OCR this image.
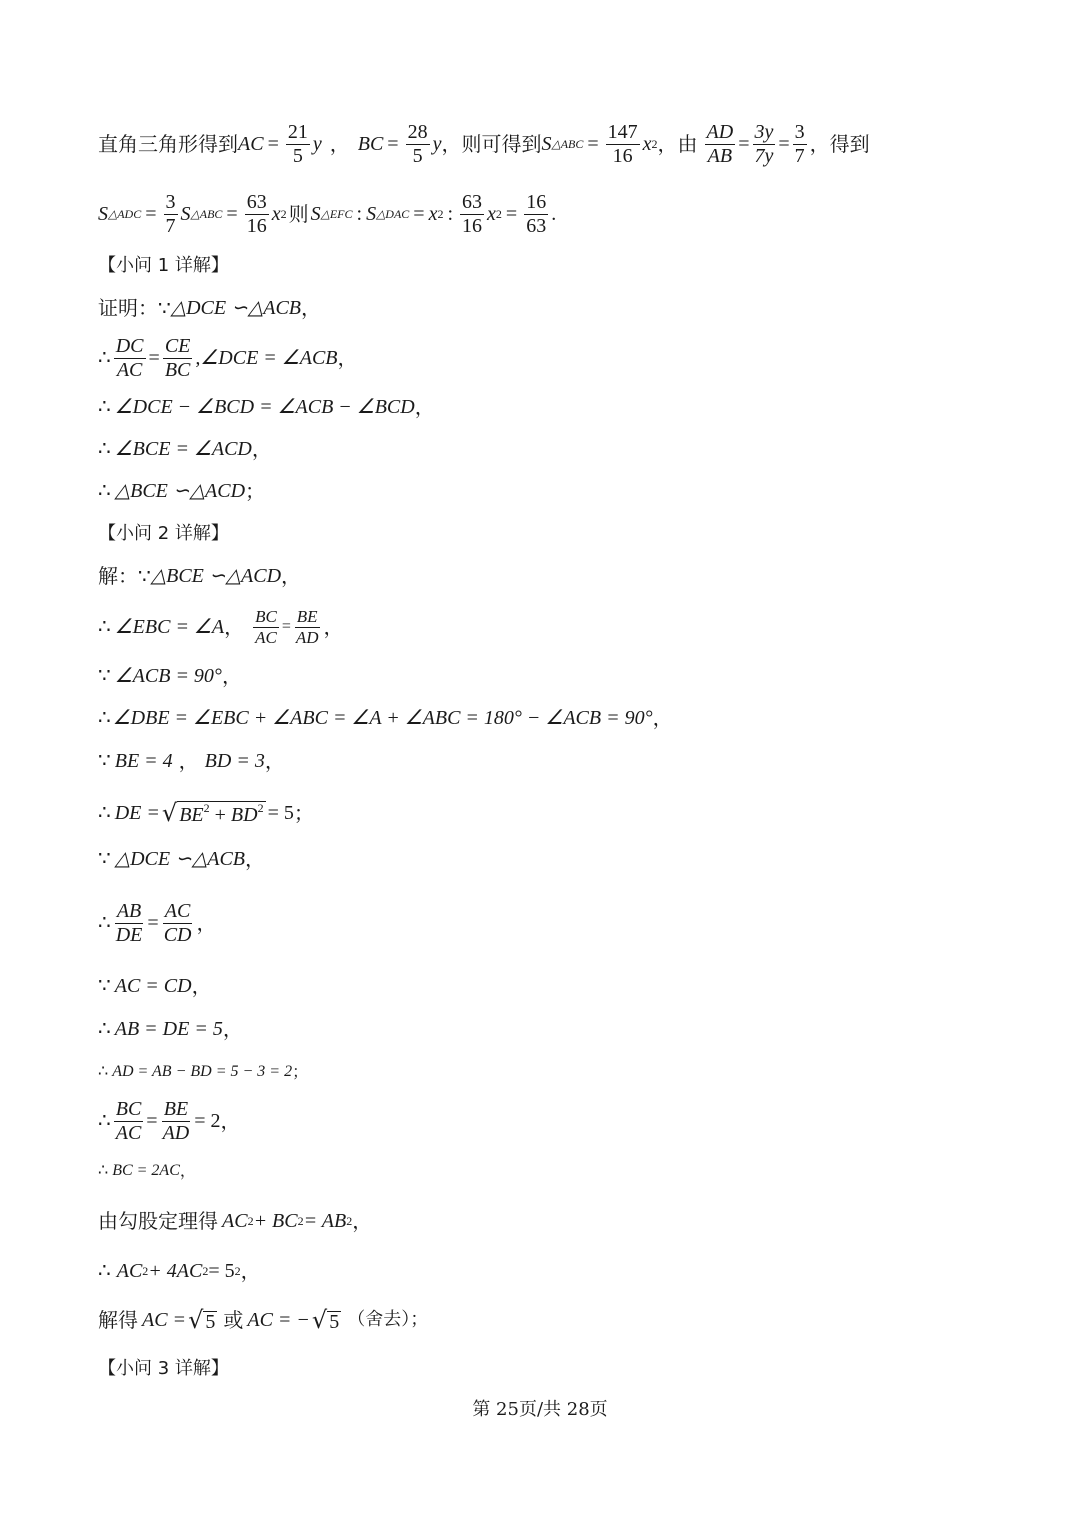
直角三角形得到 AC = $\frac{21}{5}$ y ， BC = $\frac{28}{5}$ y ，则可得到 S △ABC = $\frac{147}{16}$ x 2 ，由 $\frac{AD}{AB} = \frac{3y}{7y} = \frac{3}{7}$ ，得到
S △ADC = $\frac{3}{7}$ S △ABC = $\frac{63}{16}$ x 2 则 S △EFC : S △DAC = x 2 : $\frac{63}{16}$ x $2 = \frac{16}{63}$ .
【小问 1 详解】
证明：∵ △DCE ∽△ACB ，
∴ $\frac{DC}{AC} = \frac{CE}{BC}$ ,∠DCE = ∠ACB ，
∴ ∠DCE − ∠BCD = ∠ACB − ∠BCD ，
∴ ∠BCE = ∠ACD ，
∴ △BCE ∽△ACD ；
【小问 2 详解】
解：∵ △BCE ∽△ACD ，
∴ ∠EBC = ∠A ， $\frac{BC}{AC} = \frac{BE}{AD}$ ，
∵ ∠ACB = 90° ，
∴ ∠DBE = ∠EBC + ∠ABC = ∠A + ∠ABC = 180° − ∠ACB = 90° ，
∵ BE = 4 ， BD = 3 ，
∴ DE = √ $BE^2 + BD^2 = 5$ ；
∵ △DCE ∽△ACB ，
∴ $\frac{AB}{DE} = \frac{AC}{CD}$ ，
∵ AC = CD ，
∴ AB = DE = 5 ，
∴ AD = AB − BD = 5 − 3 = 2 ；
∴ $\frac{BC}{AC} = \frac{BE}{AD} = 2$ ，
∴ BC = 2AC ，
由勾股定理得 AC 2 + BC 2 = AB 2 ，
∴ AC 2 + 4AC 2 = 5 2 ，
解得 AC = √ 5 或 AC = − √ 5 （舍去）；
【小问 3 详解】
第 25页/共 28页
